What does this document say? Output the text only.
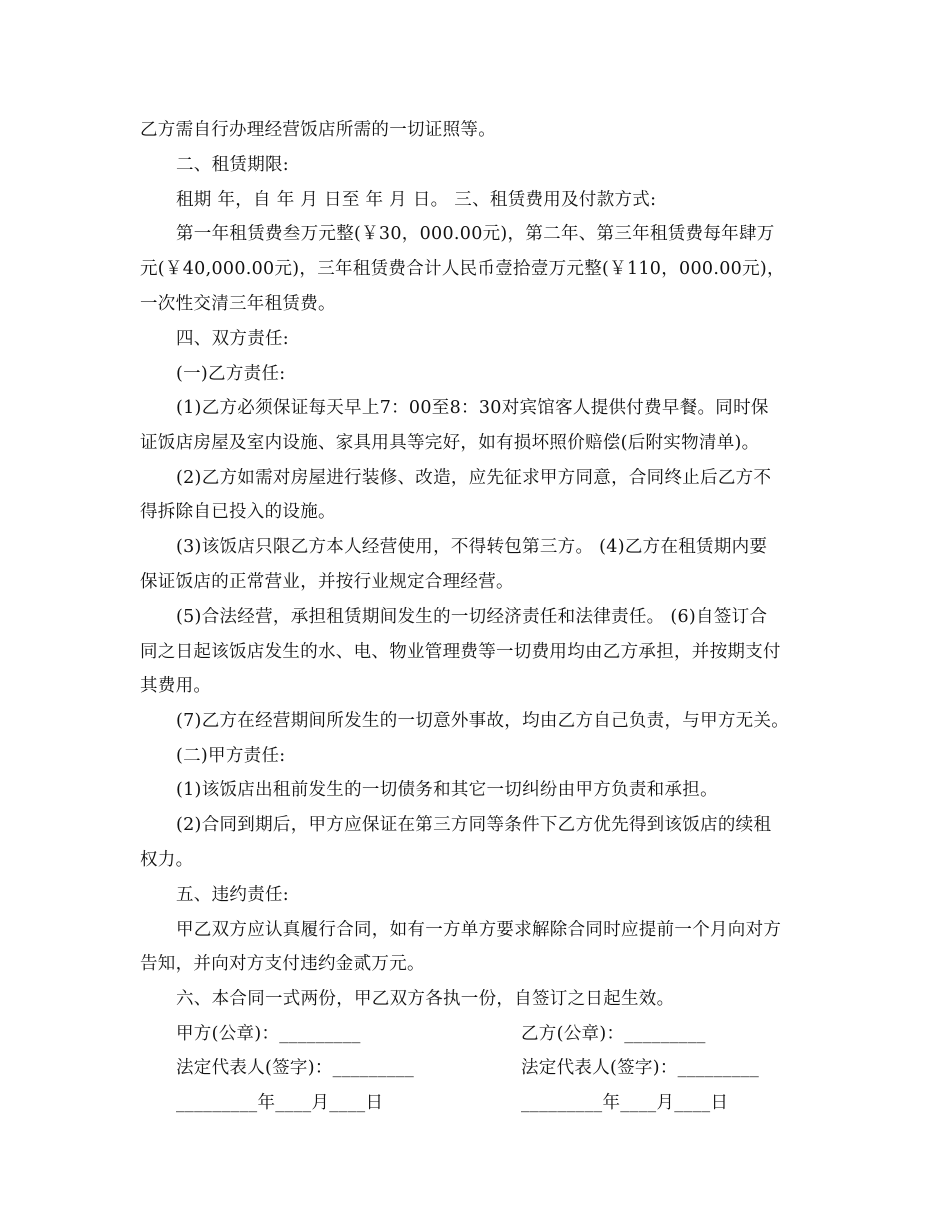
乙方需自行办理经营饭店所需的一切证照等。
二、租赁期限:
租期 年，自 年 月 日至 年 月 日。 三、租赁费用及付款方式:
第一年租赁费叁万元整(￥30，000.00元)，第二年、第三年租赁费每年肆万
元(￥40,000.00元)，三年租赁费合计人民币壹拾壹万元整(￥110，000.00元)，
一次性交清三年租赁费。
四、双方责任:
(一)乙方责任:
(1)乙方必须保证每天早上7：00至8：30对宾馆客人提供付费早餐。同时保
证饭店房屋及室内设施、家具用具等完好，如有损坏照价赔偿(后附实物清单)。
(2)乙方如需对房屋进行装修、改造，应先征求甲方同意，合同终止后乙方不
得拆除自已投入的设施。
(3)该饭店只限乙方本人经营使用，不得转包第三方。 (4)乙方在租赁期内要
保证饭店的正常营业，并按行业规定合理经营。
(5)合法经营，承担租赁期间发生的一切经济责任和法律责任。 (6)自签订合
同之日起该饭店发生的水、电、物业管理费等一切费用均由乙方承担，并按期支付
其费用。
(7)乙方在经营期间所发生的一切意外事故，均由乙方自己负责，与甲方无关。
(二)甲方责任:
(1)该饭店出租前发生的一切债务和其它一切纠纷由甲方负责和承担。
(2)合同到期后，甲方应保证在第三方同等条件下乙方优先得到该饭店的续租
权力。
五、违约责任:
甲乙双方应认真履行合同，如有一方单方要求解除合同时应提前一个月向对方
告知，并向对方支付违约金贰万元。
六、本合同一式两份，甲乙双方各执一份，自签订之日起生效。
甲方(公章)：_________	乙方(公章)：_________
法定代表人(签字)：_________	法定代表人(签字)：_________
_________年____月____日	_________年____月____日
